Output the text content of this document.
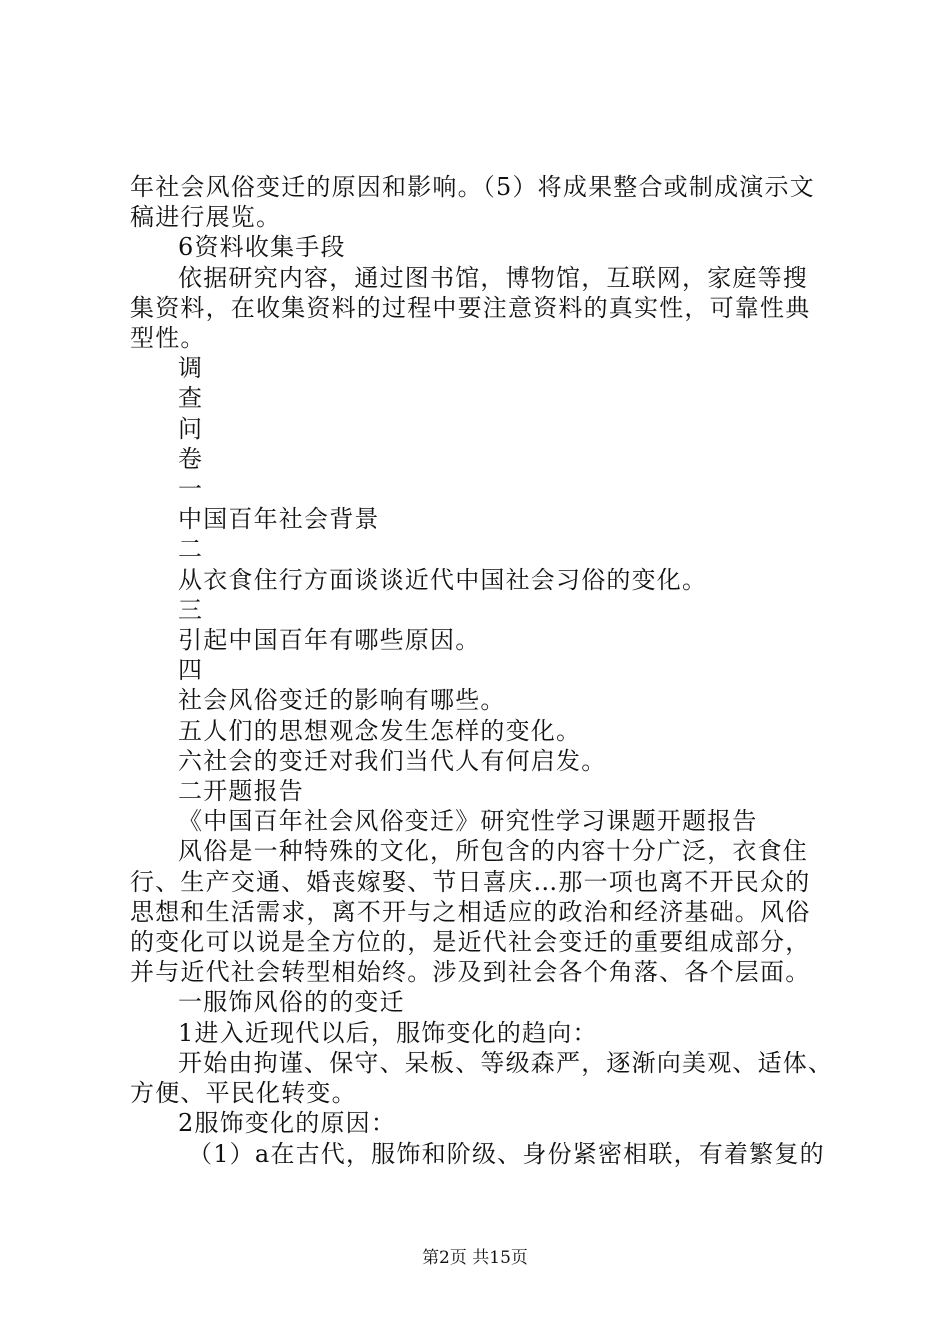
年社会风俗变迁的原因和影响。（5）将成果整合或制成演示文
稿进行展览。
6资料收集手段
依据研究内容，通过图书馆，博物馆，互联网，家庭等搜
集资料，在收集资料的过程中要注意资料的真实性，可靠性典
型性。
调
查
问
卷
一
中国百年社会背景
二
从衣食住行方面谈谈近代中国社会习俗的变化。
三
引起中国百年有哪些原因。
四
社会风俗变迁的影响有哪些。
五人们的思想观念发生怎样的变化。
六社会的变迁对我们当代人有何启发。
二开题报告
《中国百年社会风俗变迁》研究性学习课题开题报告
风俗是一种特殊的文化，所包含的内容十分广泛，衣食住
行、生产交通、婚丧嫁娶、节日喜庆…那一项也离不开民众的
思想和生活需求，离不开与之相适应的政治和经济基础。风俗
的变化可以说是全方位的，是近代社会变迁的重要组成部分，
并与近代社会转型相始终。涉及到社会各个角落、各个层面。
一服饰风俗的的变迁
1进入近现代以后，服饰变化的趋向：
开始由拘谨、保守、呆板、等级森严，逐渐向美观、适体、
方便、平民化转变。
2服饰变化的原因：
（1）a在古代，服饰和阶级、身份紧密相联，有着繁复的
第2页 共15页
